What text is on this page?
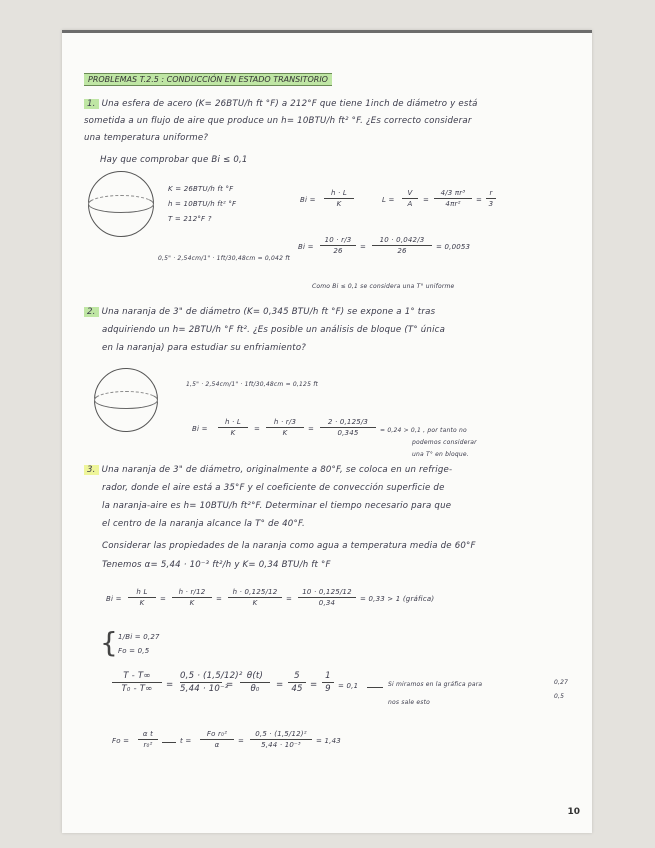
PROBLEMAS T.2.5 : CONDUCCIÓN EN ESTADO TRANSITORIO
1. Una esfera de acero (K= 26BTU/h ft °F) a 212°F que tiene 1inch de diámetro y está
sometida a un flujo de aire que produce un h= 10BTU/h ft² °F. ¿Es correcto considerar
una temperatura uniforme?
Hay que comprobar que Bi ≤ 0,1
K = 26BTU/h ft °F
h = 10BTU/h ft² °F
T = 212°F ?
Bi =
h · L
K	L =
V
A	=
4/3 πr³
4πr²	=
r
3
Bi =
10 · r/3
26	=
10 · 0,042/3
26	= 0,0053
0,5" · 2,54cm/1" · 1ft/30,48cm = 0,042 ft
Como Bi ≤ 0,1 se considera una T° uniforme
2. Una naranja de 3" de diámetro (K= 0,345 BTU/h ft °F) se expone a 1° tras
adquiriendo un h= 2BTU/h °F ft². ¿Es posible un análisis de bloque (T° única
en la naranja) para estudiar su enfriamiento?
1,5" · 2,54cm/1" · 1ft/30,48cm = 0,125 ft
Bi =
h · L
K	=
h · r/3
K	=
2 · 0,125/3
0,345	= 0,24 > 0,1 , por tanto no
podemos considerar
una T° en bloque.
3. Una naranja de 3" de diámetro, originalmente a 80°F, se coloca en un refrige-
rador, donde el aire está a 35°F y el coeficiente de convección superficie de
la naranja-aire es h= 10BTU/h ft²°F. Determinar el tiempo necesario para que
el centro de la naranja alcance la T° de 40°F.
Considerar las propiedades de la naranja como agua a temperatura media de 60°F
Tenemos α= 5,44 · 10⁻³ ft²/h y K= 0,34 BTU/h ft °F
Bi =
h L
K	=
h · r/12
K	=
h · 0,125/12
K	=
10 · 0,125/12
0,34	= 0,33 > 1 (gráfica)
{ 1/Bi = 0,27
Fo = 0,5
T - T∞
T₀ - T∞	=
0,5 · (1,5/12)²
5,44 · 10⁻³
=
θ(t)
θ₀	=
5
45 =
1
9	= 0,1	Si miramos en la gráfica para
nos sale esto
0,27
0,5
Fo =
α t
r₀²	t =
Fo r₀²
α	=
0,5 · (1,5/12)²
5,44 · 10⁻³	= 1,43
10
